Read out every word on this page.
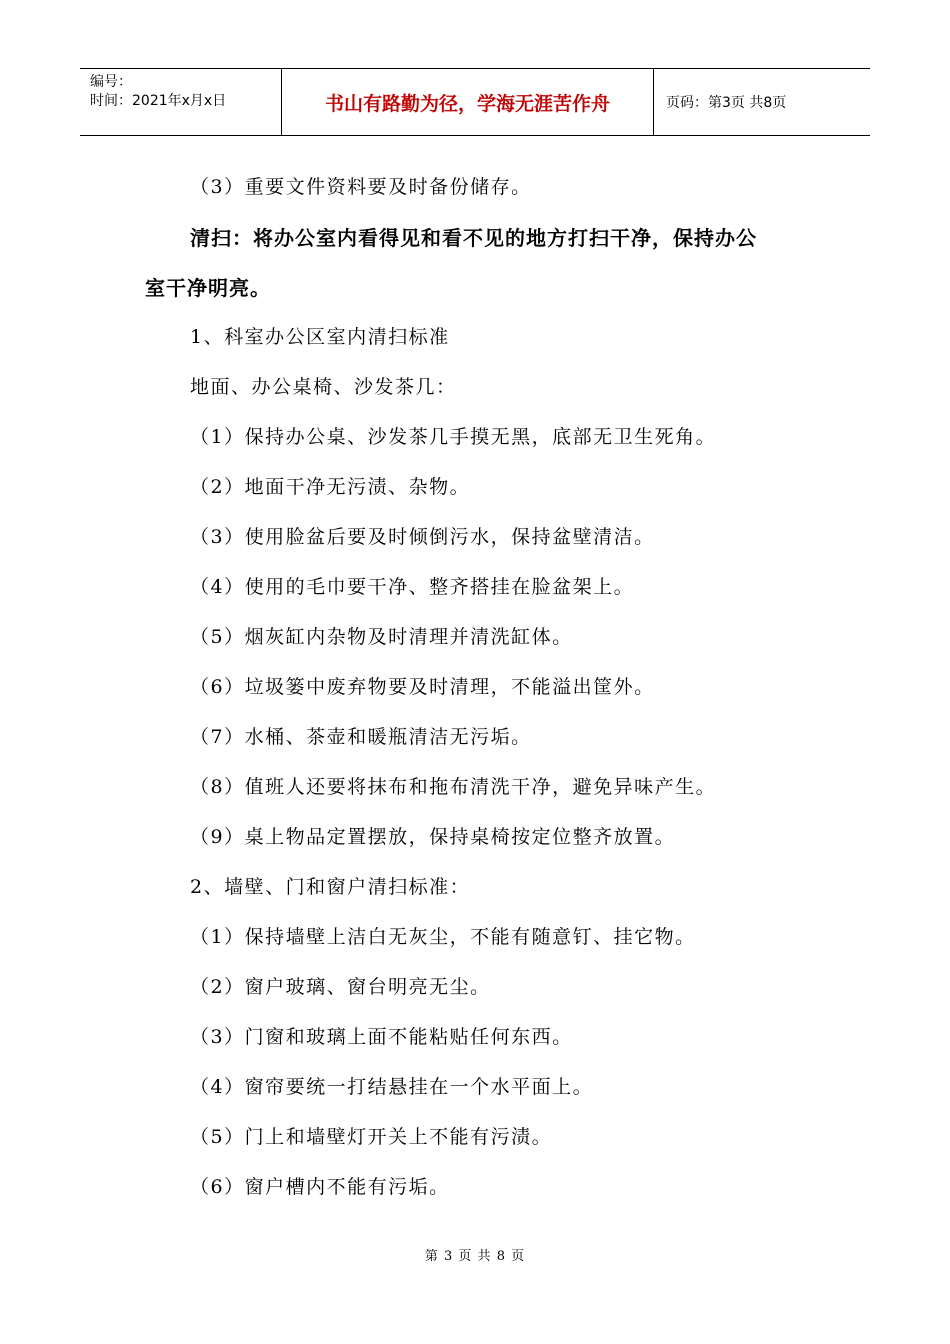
编号：
时间：2021年x月x日	书山有路勤为径，学海无涯苦作舟	页码：第3页 共8页
（3）重要文件资料要及时备份储存。
清扫：将办公室内看得见和看不见的地方打扫干净，保持办公
室干净明亮。
1、科室办公区室内清扫标准
地面、办公桌椅、沙发茶几：
（1）保持办公桌、沙发茶几手摸无黑，底部无卫生死角。
（2）地面干净无污渍、杂物。
（3）使用脸盆后要及时倾倒污水，保持盆壁清洁。
（4）使用的毛巾要干净、整齐搭挂在脸盆架上。
（5）烟灰缸内杂物及时清理并清洗缸体。
（6）垃圾篓中废弃物要及时清理，不能溢出筐外。
（7）水桶、茶壶和暖瓶清洁无污垢。
（8）值班人还要将抹布和拖布清洗干净，避免异味产生。
（9）桌上物品定置摆放，保持桌椅按定位整齐放置。
2、墙壁、门和窗户清扫标准：
（1）保持墙壁上洁白无灰尘，不能有随意钉、挂它物。
（2）窗户玻璃、窗台明亮无尘。
（3）门窗和玻璃上面不能粘贴任何东西。
（4）窗帘要统一打结悬挂在一个水平面上。
（5）门上和墙壁灯开关上不能有污渍。
（6）窗户槽内不能有污垢。
第 3 页 共 8 页
